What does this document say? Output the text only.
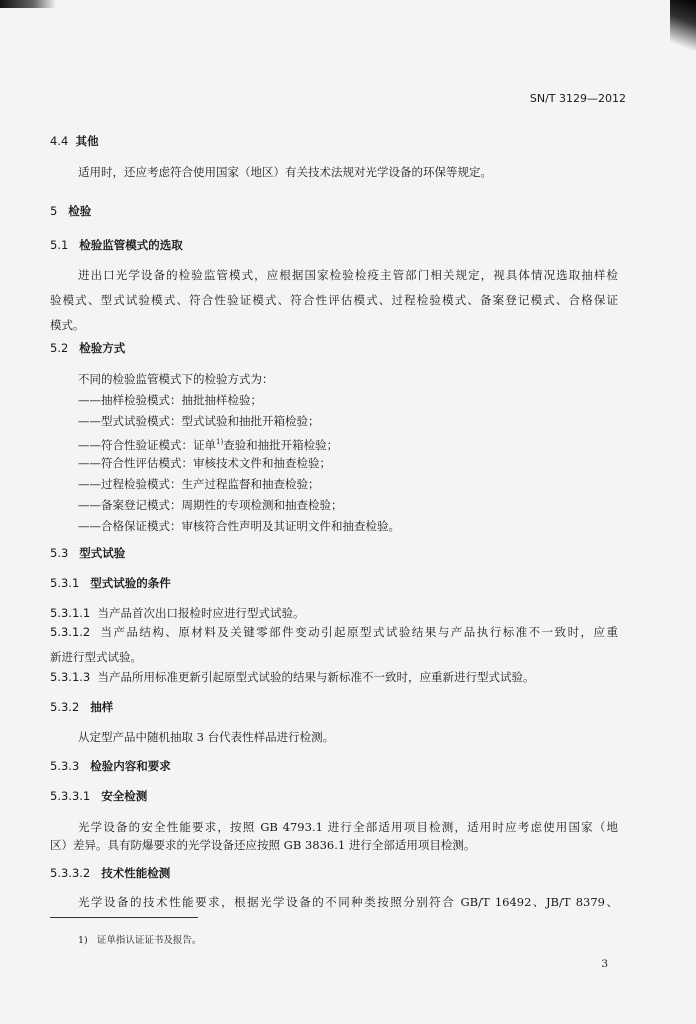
SN/T 3129—2012
4.4 其他
适用时，还应考虑符合使用国家（地区）有关技术法规对光学设备的环保等规定。
5 检验
5.1 检验监管模式的选取
进出口光学设备的检验监管模式，应根据国家检验检疫主管部门相关规定，视具体情况选取抽样检
验模式、型式试验模式、符合性验证模式、符合性评估模式、过程检验模式、备案登记模式、合格保证
模式。
5.2 检验方式
不同的检验监管模式下的检验方式为：
——抽样检验模式：抽批抽样检验；
——型式试验模式：型式试验和抽批开箱检验；
——符合性验证模式：证单$^{1)}$查验和抽批开箱检验；
——符合性评估模式：审核技术文件和抽查检验；
——过程检验模式：生产过程监督和抽查检验；
——备案登记模式：周期性的专项检测和抽查检验；
——合格保证模式：审核符合性声明及其证明文件和抽查检验。
5.3 型式试验
5.3.1 型式试验的条件
5.3.1.1 当产品首次出口报检时应进行型式试验。
5.3.1.2 当产品结构、原材料及关键零部件变动引起原型式试验结果与产品执行标准不一致时，应重
新进行型式试验。
5.3.1.3 当产品所用标准更新引起原型式试验的结果与新标准不一致时，应重新进行型式试验。
5.3.2 抽样
从定型产品中随机抽取 3 台代表性样品进行检测。
5.3.3 检验内容和要求
5.3.3.1 安全检测
光学设备的安全性能要求，按照 GB 4793.1 进行全部适用项目检测，适用时应考虑使用国家（地
区）差异。具有防爆要求的光学设备还应按照 GB 3836.1 进行全部适用项目检测。
5.3.3.2 技术性能检测
光学设备的技术性能要求，根据光学设备的不同种类按照分别符合 GB/T 16492、JB/T 8379、
1) 证单指认证证书及报告。
3
